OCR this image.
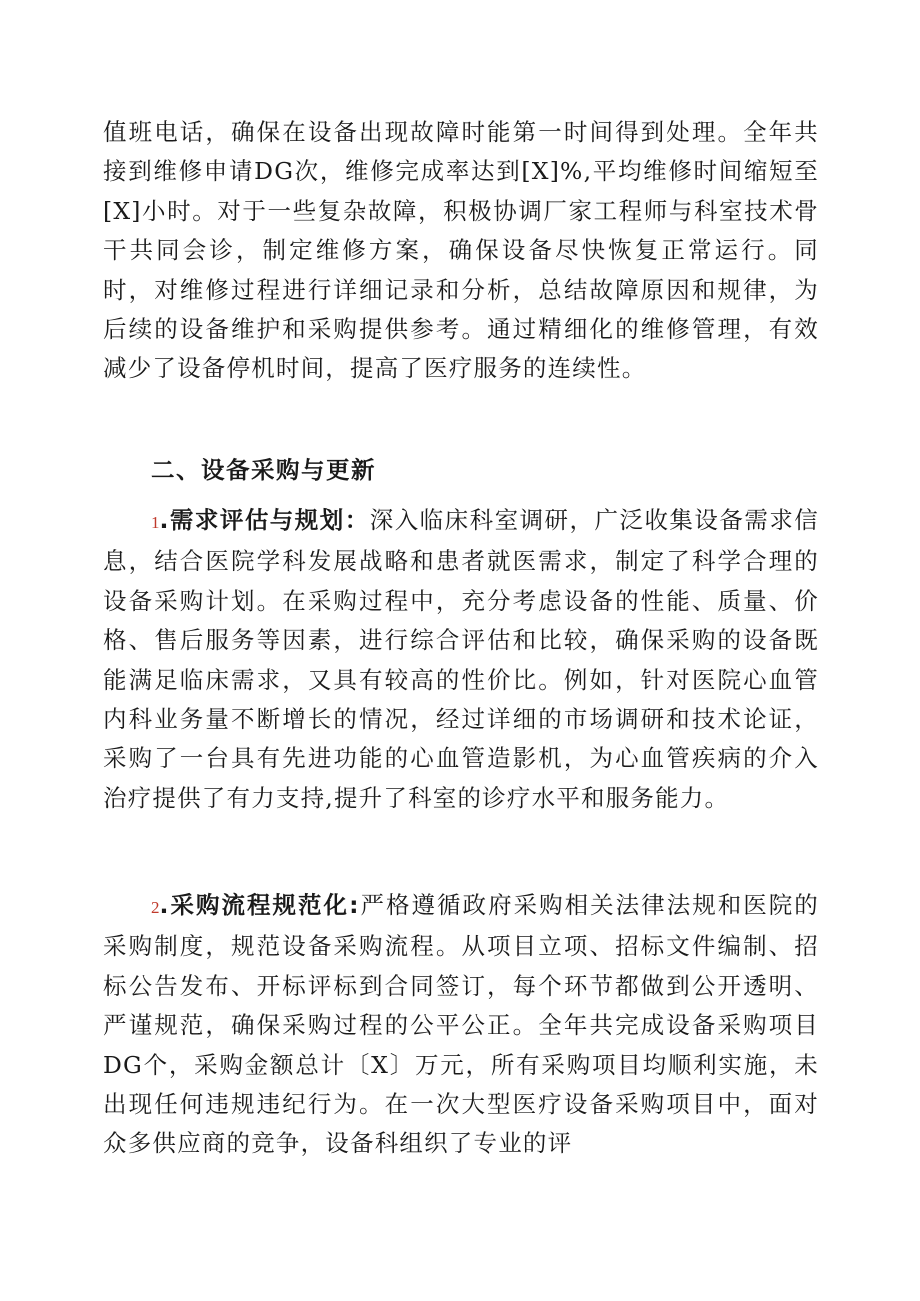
值班电话，确保在设备出现故障时能第一时间得到处理。全年共接到维修申请DG次，维修完成率达到[X]%,平均维修时间缩短至[X]小时。对于一些复杂故障，积极协调厂家工程师与科室技术骨干共同会诊，制定维修方案，确保设备尽快恢复正常运行。同时，对维修过程进行详细记录和分析，总结故障原因和规律，为后续的设备维护和采购提供参考。通过精细化的维修管理，有效减少了设备停机时间，提高了医疗服务的连续性。

二、设备采购与更新

1.需求评估与规划：深入临床科室调研，广泛收集设备需求信息，结合医院学科发展战略和患者就医需求，制定了科学合理的设备采购计划。在采购过程中，充分考虑设备的性能、质量、价格、售后服务等因素，进行综合评估和比较，确保采购的设备既能满足临床需求，又具有较高的性价比。例如，针对医院心血管内科业务量不断增长的情况，经过详细的市场调研和技术论证，采购了一台具有先进功能的心血管造影机，为心血管疾病的介入治疗提供了有力支持,提升了科室的诊疗水平和服务能力。

2.采购流程规范化:严格遵循政府采购相关法律法规和医院的采购制度，规范设备采购流程。从项目立项、招标文件编制、招标公告发布、开标评标到合同签订，每个环节都做到公开透明、严谨规范，确保采购过程的公平公正。全年共完成设备采购项目DG个，采购金额总计〔X〕万元，所有采购项目均顺利实施，未出现任何违规违纪行为。在一次大型医疗设备采购项目中，面对众多供应商的竞争，设备科组织了专业的评
